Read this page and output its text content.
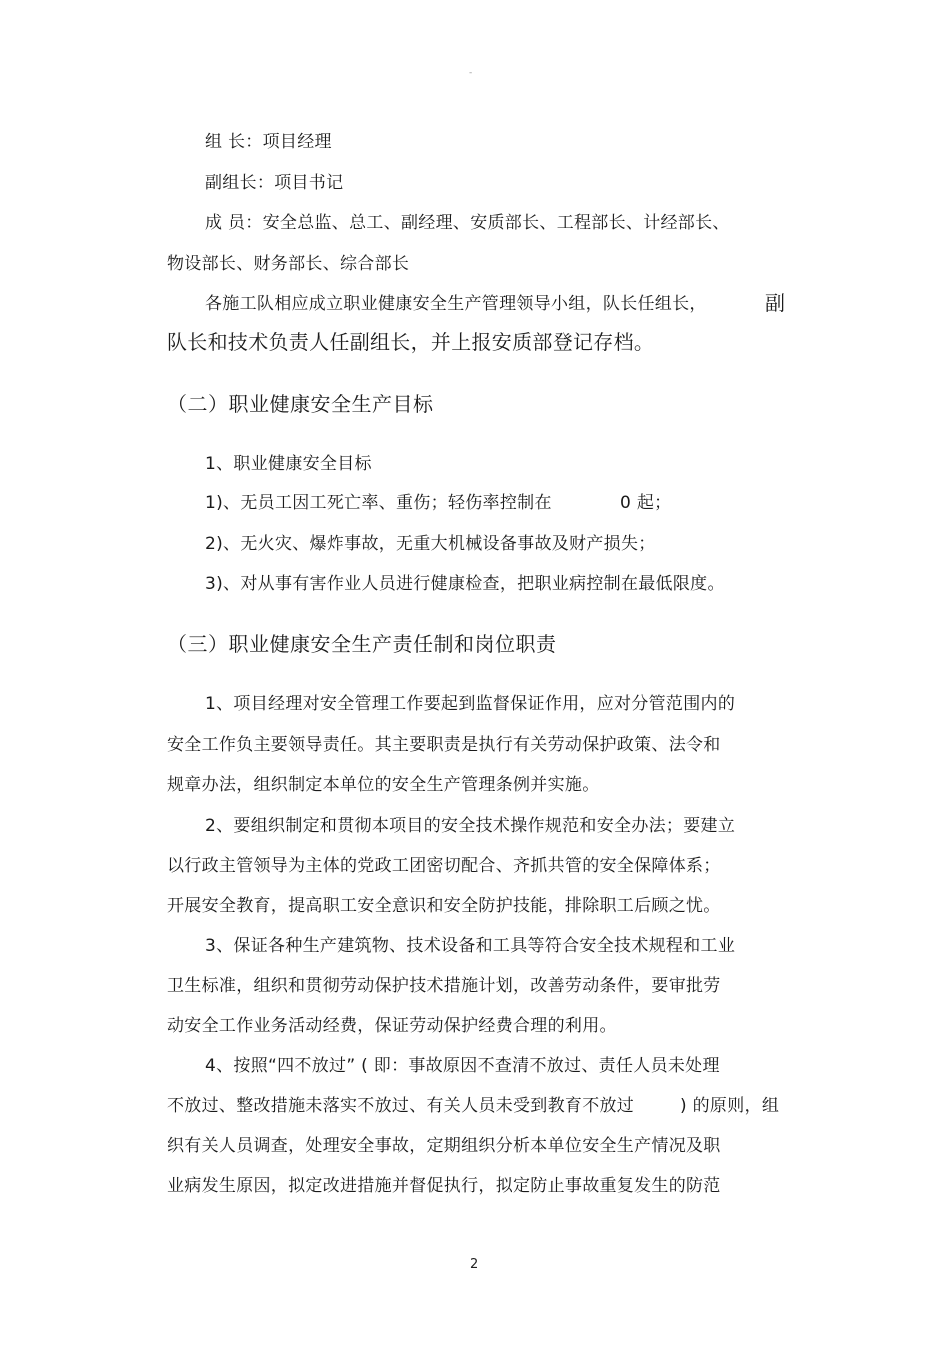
-
组 长：项目经理
副组长：项目书记
成 员：安全总监、总工、副经理、安质部长、工程部长、计经部长、
物设部长、财务部长、综合部长
各施工队相应成立职业健康安全生产管理领导小组，队长任组长，	副
队长和技术负责人任副组长，并上报安质部登记存档。
（二）职业健康安全生产目标
1、职业健康安全目标
1)、无员工因工死亡率、重伤；轻伤率控制在	0 起；
2)、无火灾、爆炸事故，无重大机械设备事故及财产损失；
3)、对从事有害作业人员进行健康检查，把职业病控制在最低限度。
（三）职业健康安全生产责任制和岗位职责
1、项目经理对安全管理工作要起到监督保证作用，应对分管范围内的
安全工作负主要领导责任。其主要职责是执行有关劳动保护政策、法令和
规章办法，组织制定本单位的安全生产管理条例并实施。
2、要组织制定和贯彻本项目的安全技术操作规范和安全办法；要建立
以行政主管领导为主体的党政工团密切配合、齐抓共管的安全保障体系；
开展安全教育，提高职工安全意识和安全防护技能，排除职工后顾之忧。
3、保证各种生产建筑物、技术设备和工具等符合安全技术规程和工业
卫生标准，组织和贯彻劳动保护技术措施计划，改善劳动条件，要审批劳
动安全工作业务活动经费，保证劳动保护经费合理的利用。
4、按照“四不放过” ( 即：事故原因不查清不放过、责任人员未处理
不放过、整改措施未落实不放过、有关人员未受到教育不放过	) 的原则，组
织有关人员调查，处理安全事故，定期组织分析本单位安全生产情况及职
业病发生原因，拟定改进措施并督促执行，拟定防止事故重复发生的防范
2
